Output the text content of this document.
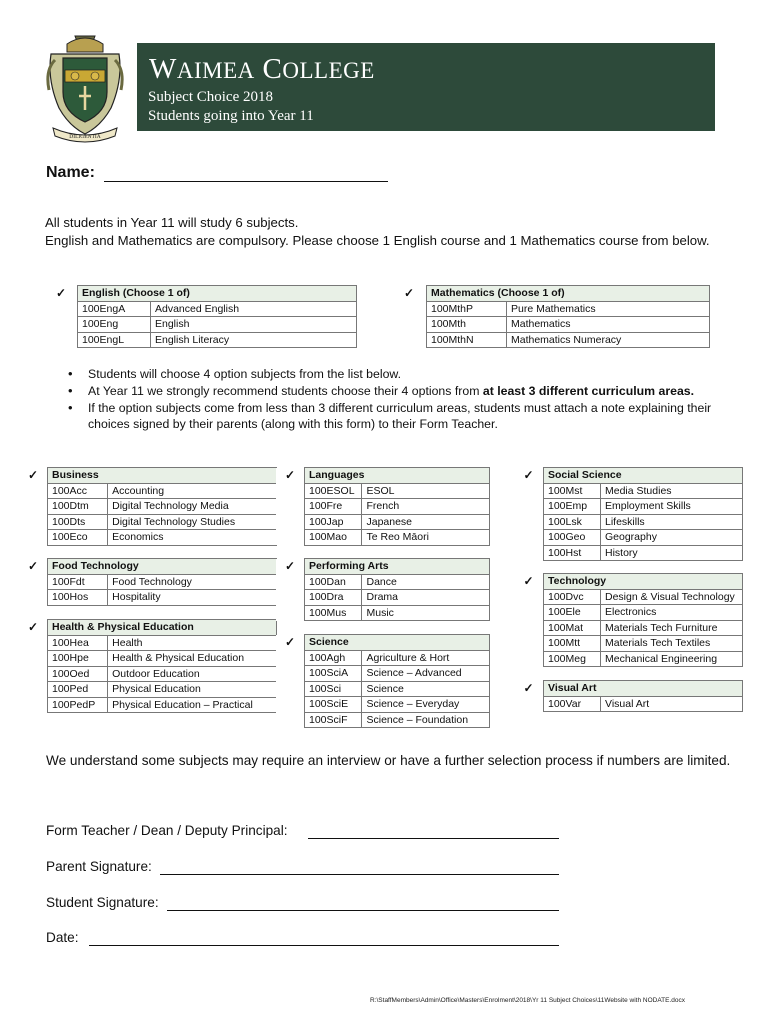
DILIGENTIA
WAIMEA COLLEGE
Subject Choice 2018
Students going into Year 11
Name:
All students in Year 11 will study 6 subjects.
English and Mathematics are compulsory. Please choose 1 English course and 1 Mathematics course from below.
✓	English (Choose 1 of)	
	100EngA	Advanced English
	100Eng	English
	100EngL	English Literacy
✓	Mathematics (Choose 1 of)	
	100MthP	Pure Mathematics
	100Mth	Mathematics
	100MthN	Mathematics Numeracy
• Students will choose 4 option subjects from the list below.
• At Year 11 we strongly recommend students choose their 4 options from at least 3 different curriculum areas.
• If the option subjects come from less than 3 different curriculum areas, students must attach a note explaining their choices signed by their parents (along with this form) to their Form Teacher.
✓	Business	
	100Acc	Accounting
	100Dtm	Digital Technology Media
	100Dts	Digital Technology Studies
	100Eco	Economics
✓	Food Technology	
	100Fdt	Food Technology
	100Hos	Hospitality
✓	Health & Physical Education	
	100Hea	Health
	100Hpe	Health & Physical Education
	100Oed	Outdoor Education
	100Ped	Physical Education
	100PedP	Physical Education – Practical
✓	Languages	
	100ESOL	ESOL
	100Fre	French
	100Jap	Japanese
	100Mao	Te Reo Māori
✓	Performing Arts	
	100Dan	Dance
	100Dra	Drama
	100Mus	Music
✓	Science	
	100Agh	Agriculture & Hort
	100SciA	Science – Advanced
	100Sci	Science
	100SciE	Science – Everyday
	100SciF	Science – Foundation
✓	Social Science	
	100Mst	Media Studies
	100Emp	Employment Skills
	100Lsk	Lifeskills
	100Geo	Geography
	100Hst	History
✓	Technology	
	100Dvc	Design & Visual Technology
	100Ele	Electronics
	100Mat	Materials Tech Furniture
	100Mtt	Materials Tech Textiles
	100Meg	Mechanical Engineering
✓	Visual Art	
	100Var	Visual Art
We understand some subjects may require an interview or have a further selection process if numbers are limited.
Form Teacher / Dean / Deputy Principal:
Parent Signature:
Student Signature:
Date:
R:\StaffMembers\Admin\Office\Masters\Enrolment\2018\Yr 11 Subject Choices\11Website with NODATE.docx
